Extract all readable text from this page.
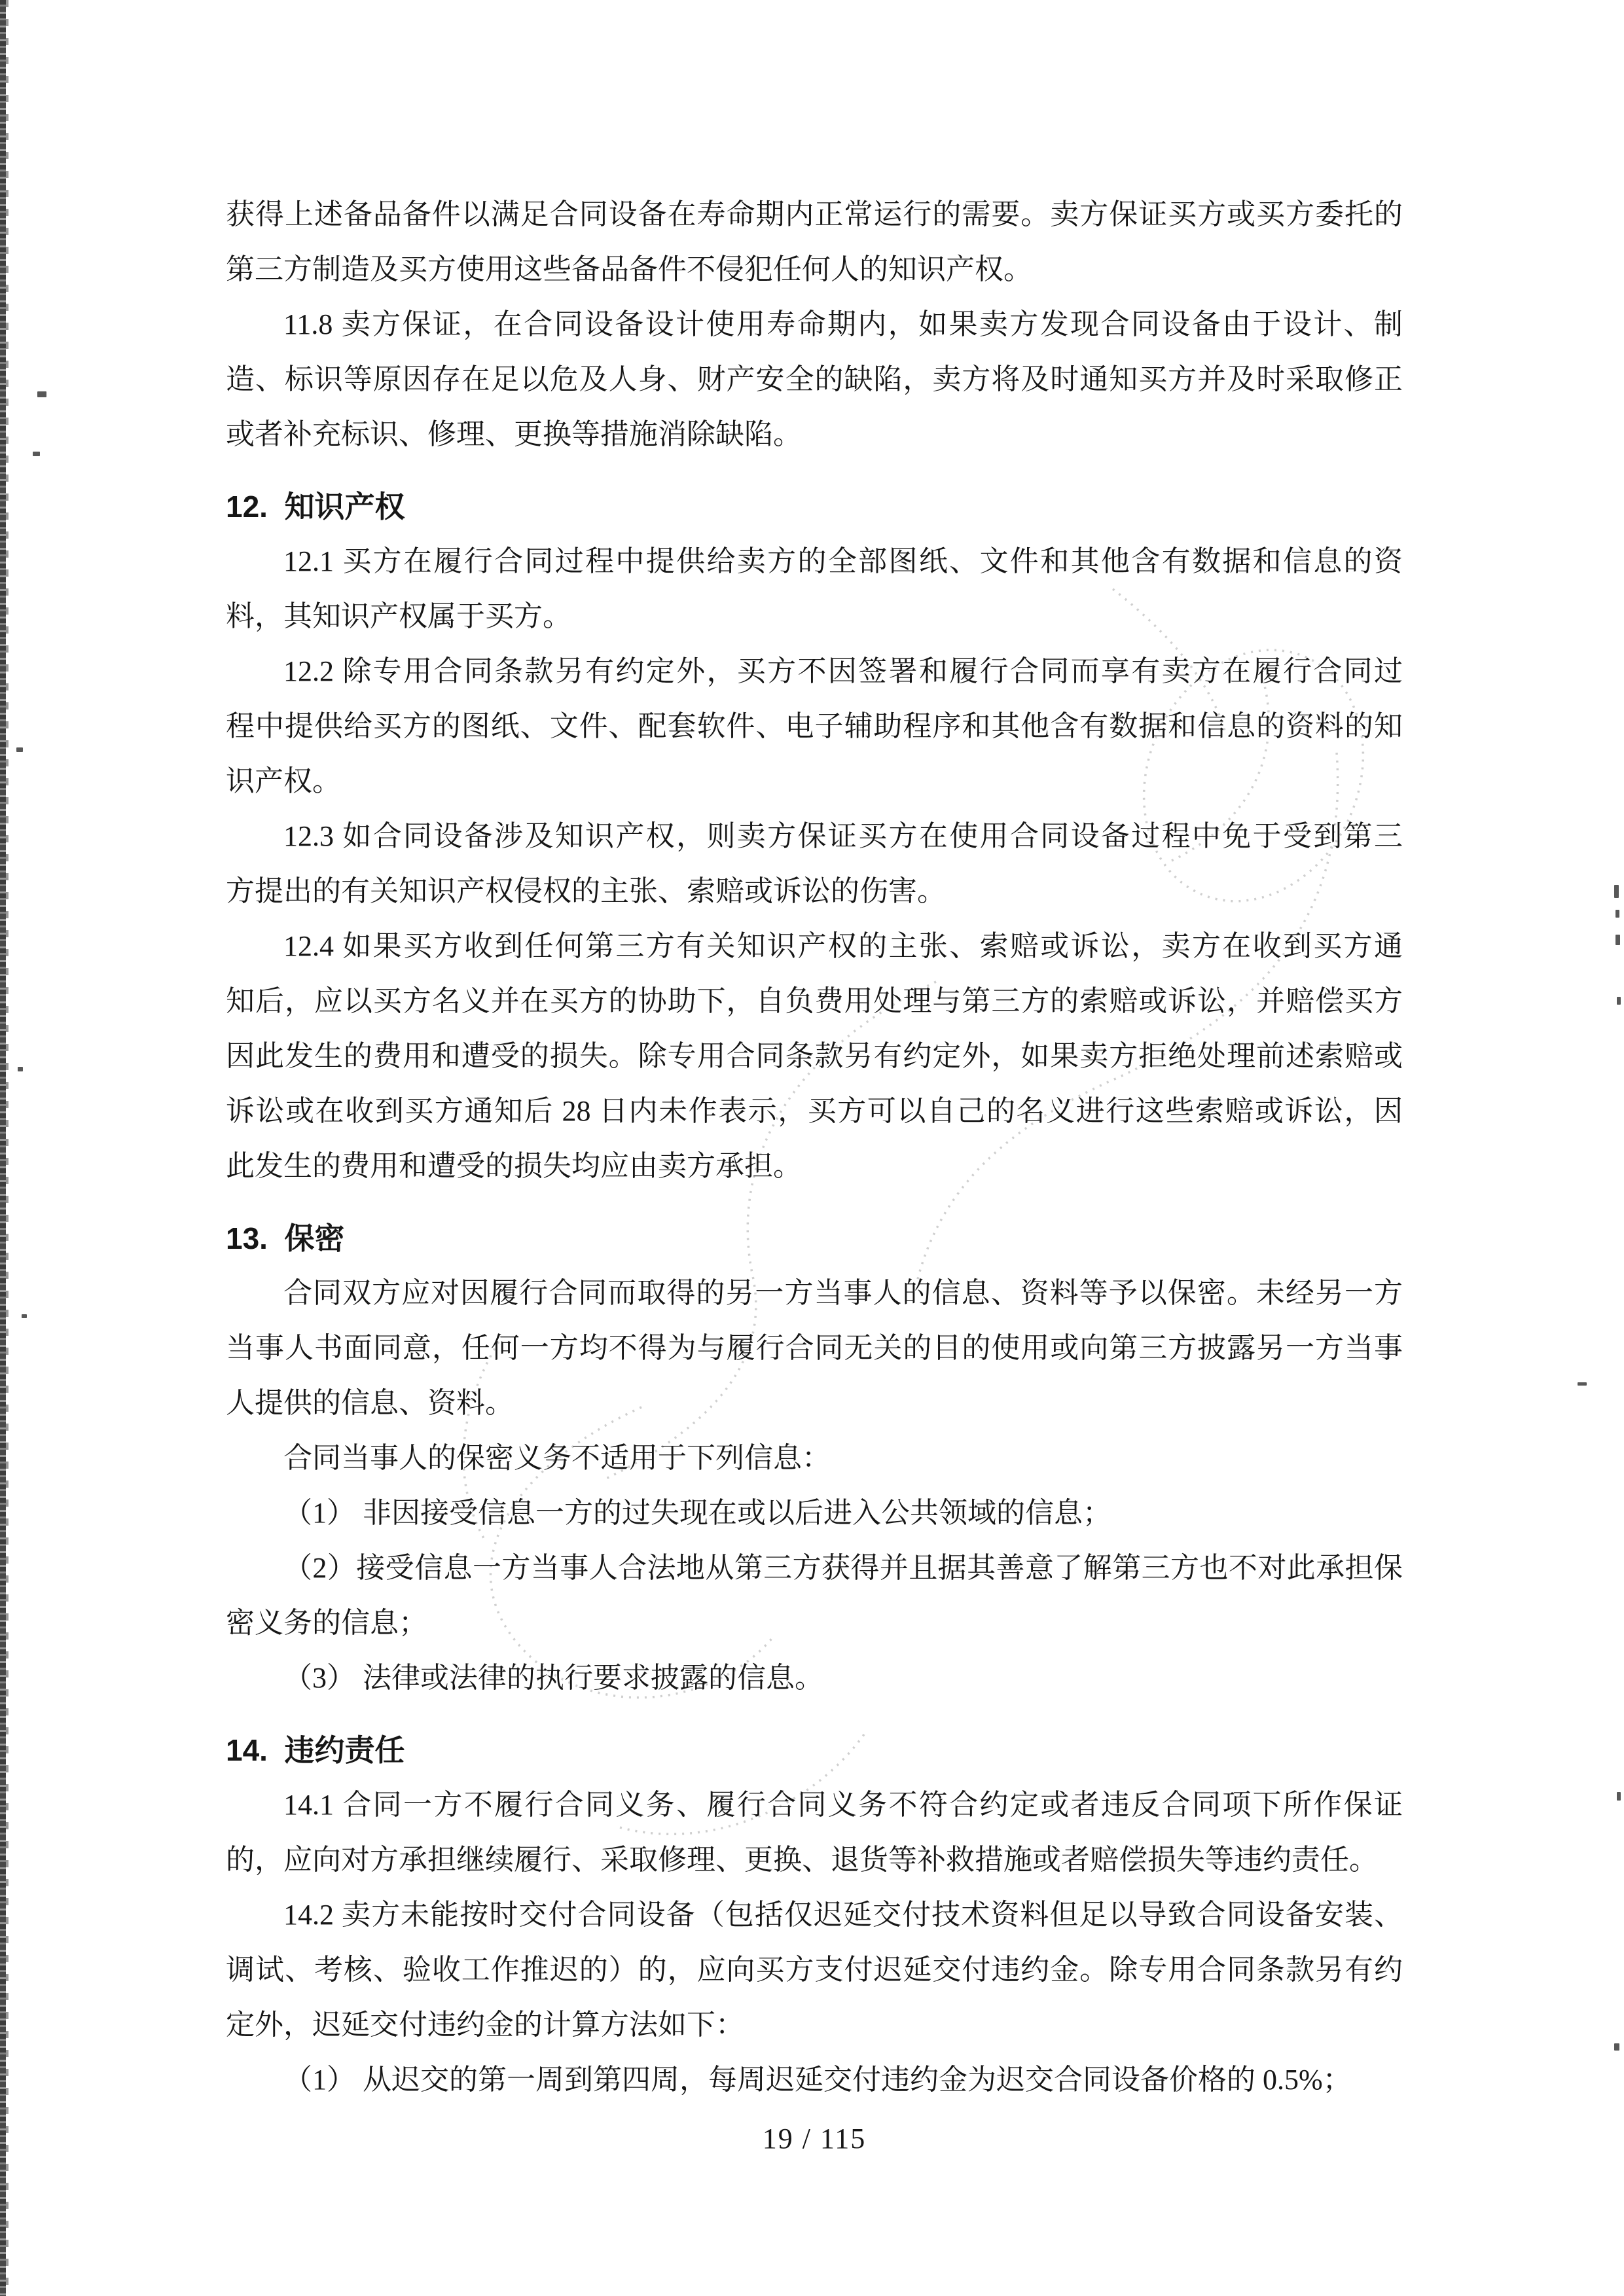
获得上述备品备件以满足合同设备在寿命期内正常运行的需要。卖方保证买方或买方委托的
第三方制造及买方使用这些备品备件不侵犯任何人的知识产权。

11.8 卖方保证，在合同设备设计使用寿命期内，如果卖方发现合同设备由于设计、制
造、标识等原因存在足以危及人身、财产安全的缺陷，卖方将及时通知买方并及时采取修正
或者补充标识、修理、更换等措施消除缺陷。

12.  知识产权

12.1 买方在履行合同过程中提供给卖方的全部图纸、文件和其他含有数据和信息的资
料，其知识产权属于买方。

12.2 除专用合同条款另有约定外，买方不因签署和履行合同而享有卖方在履行合同过
程中提供给买方的图纸、文件、配套软件、电子辅助程序和其他含有数据和信息的资料的知
识产权。

12.3 如合同设备涉及知识产权，则卖方保证买方在使用合同设备过程中免于受到第三
方提出的有关知识产权侵权的主张、索赔或诉讼的伤害。

12.4 如果买方收到任何第三方有关知识产权的主张、索赔或诉讼，卖方在收到买方通
知后，应以买方名义并在买方的协助下，自负费用处理与第三方的索赔或诉讼，并赔偿买方
因此发生的费用和遭受的损失。除专用合同条款另有约定外，如果卖方拒绝处理前述索赔或
诉讼或在收到买方通知后 28 日内未作表示，买方可以自己的名义进行这些索赔或诉讼，因
此发生的费用和遭受的损失均应由卖方承担。

13.  保密

合同双方应对因履行合同而取得的另一方当事人的信息、资料等予以保密。未经另一方
当事人书面同意，任何一方均不得为与履行合同无关的目的使用或向第三方披露另一方当事
人提供的信息、资料。

合同当事人的保密义务不适用于下列信息：

（1） 非因接受信息一方的过失现在或以后进入公共领域的信息；

（2）接受信息一方当事人合法地从第三方获得并且据其善意了解第三方也不对此承担保
密义务的信息；

（3） 法律或法律的执行要求披露的信息。

14.  违约责任

14.1 合同一方不履行合同义务、履行合同义务不符合约定或者违反合同项下所作保证
的，应向对方承担继续履行、采取修理、更换、退货等补救措施或者赔偿损失等违约责任。

14.2 卖方未能按时交付合同设备（包括仅迟延交付技术资料但足以导致合同设备安装、
调试、考核、验收工作推迟的）的，应向买方支付迟延交付违约金。除专用合同条款另有约
定外，迟延交付违约金的计算方法如下：

（1） 从迟交的第一周到第四周，每周迟延交付违约金为迟交合同设备价格的 0.5%；

19 / 115
